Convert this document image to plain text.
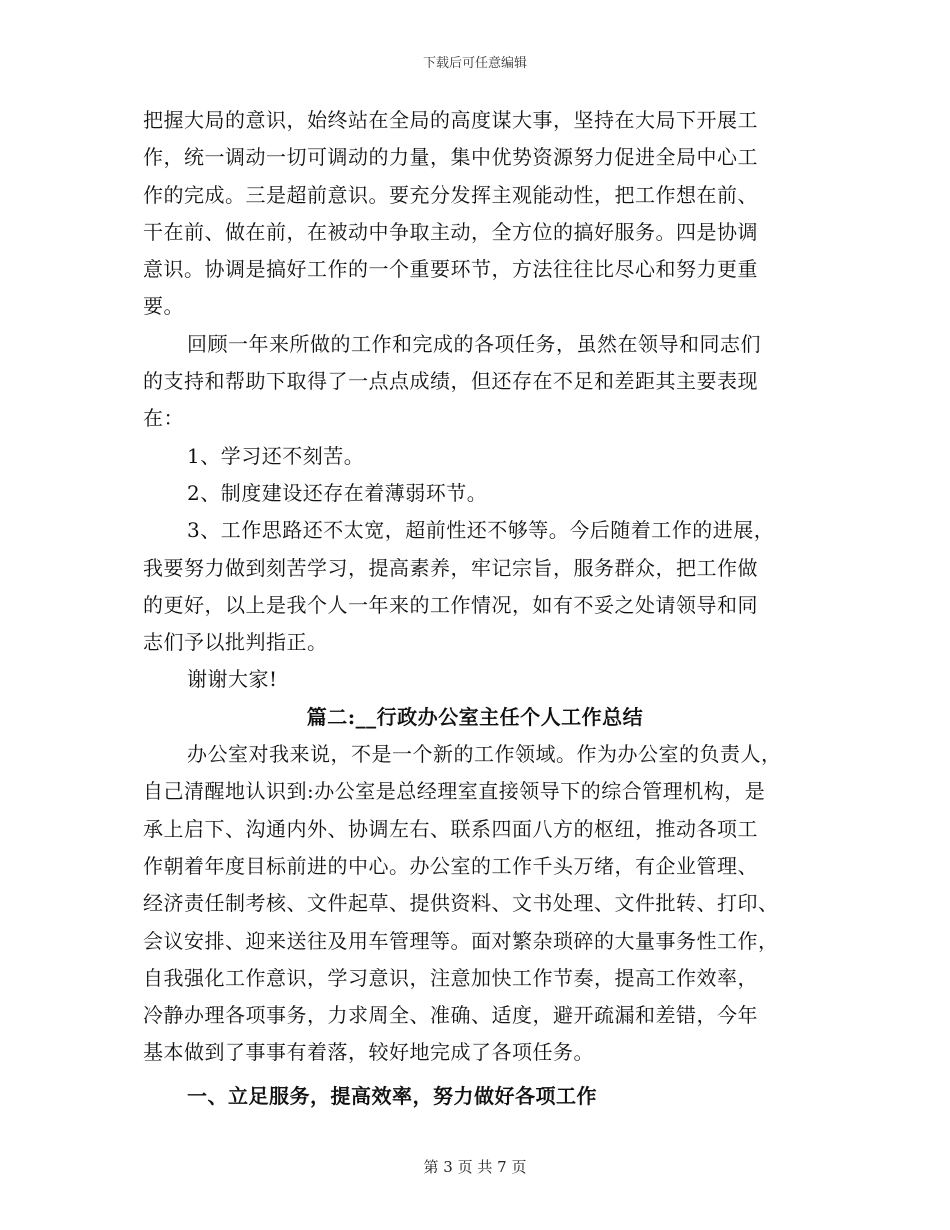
下载后可任意编辑

把握大局的意识，始终站在全局的高度谋大事，坚持在大局下开展工

作，统一调动一切可调动的力量，集中优势资源努力促进全局中心工

作的完成。三是超前意识。要充分发挥主观能动性，把工作想在前、

干在前、做在前，在被动中争取主动，全方位的搞好服务。四是协调

意识。协调是搞好工作的一个重要环节，方法往往比尽心和努力更重

要。

回顾一年来所做的工作和完成的各项任务，虽然在领导和同志们

的支持和帮助下取得了一点点成绩，但还存在不足和差距其主要表现

在：

1、学习还不刻苦。

2、制度建设还存在着薄弱环节。

3、工作思路还不太宽，超前性还不够等。今后随着工作的进展，

我要努力做到刻苦学习，提高素养，牢记宗旨，服务群众，把工作做

的更好，以上是我个人一年来的工作情况，如有不妥之处请领导和同

志们予以批判指正。

谢谢大家!

篇二:__行政办公室主任个人工作总结

办公室对我来说，不是一个新的工作领域。作为办公室的负责人，

自己清醒地认识到:办公室是总经理室直接领导下的综合管理机构，是

承上启下、沟通内外、协调左右、联系四面八方的枢纽，推动各项工

作朝着年度目标前进的中心。办公室的工作千头万绪，有企业管理、

经济责任制考核、文件起草、提供资料、文书处理、文件批转、打印、

会议安排、迎来送往及用车管理等。面对繁杂琐碎的大量事务性工作，

自我强化工作意识，学习意识，注意加快工作节奏，提高工作效率，

冷静办理各项事务，力求周全、准确、适度，避开疏漏和差错，今年

基本做到了事事有着落，较好地完成了各项任务。

一、立足服务，提高效率，努力做好各项工作

第 3 页 共 7 页
